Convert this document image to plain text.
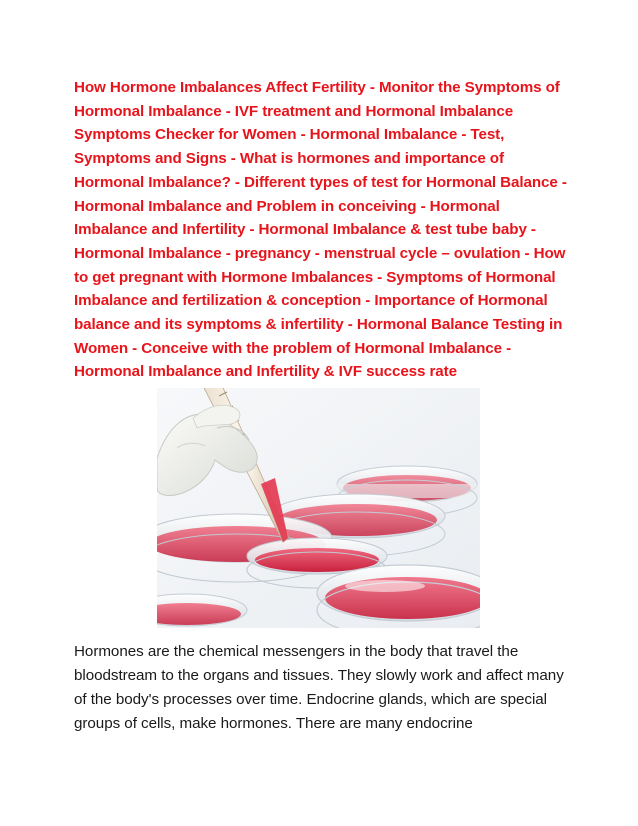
How Hormone Imbalances Affect Fertility - Monitor the Symptoms of Hormonal Imbalance - IVF treatment and Hormonal Imbalance Symptoms Checker for Women - Hormonal Imbalance - Test, Symptoms and Signs - What is hormones and importance of Hormonal Imbalance? - Different types of test for Hormonal Balance - Hormonal Imbalance and Problem in conceiving - Hormonal Imbalance and Infertility - Hormonal Imbalance & test tube baby - Hormonal Imbalance - pregnancy - menstrual cycle – ovulation - How to get pregnant with Hormone Imbalances - Symptoms of Hormonal Imbalance and fertilization & conception - Importance of Hormonal balance and its symptoms & infertility - Hormonal Balance Testing in Women - Conceive with the problem of Hormonal Imbalance - Hormonal Imbalance and Infertility & IVF success rate

Hormones are the chemical messengers in the body that travel the bloodstream to the organs and tissues. They slowly work and affect many of the body's processes over time. Endocrine glands, which are special groups of cells, make hormones. There are many endocrine
